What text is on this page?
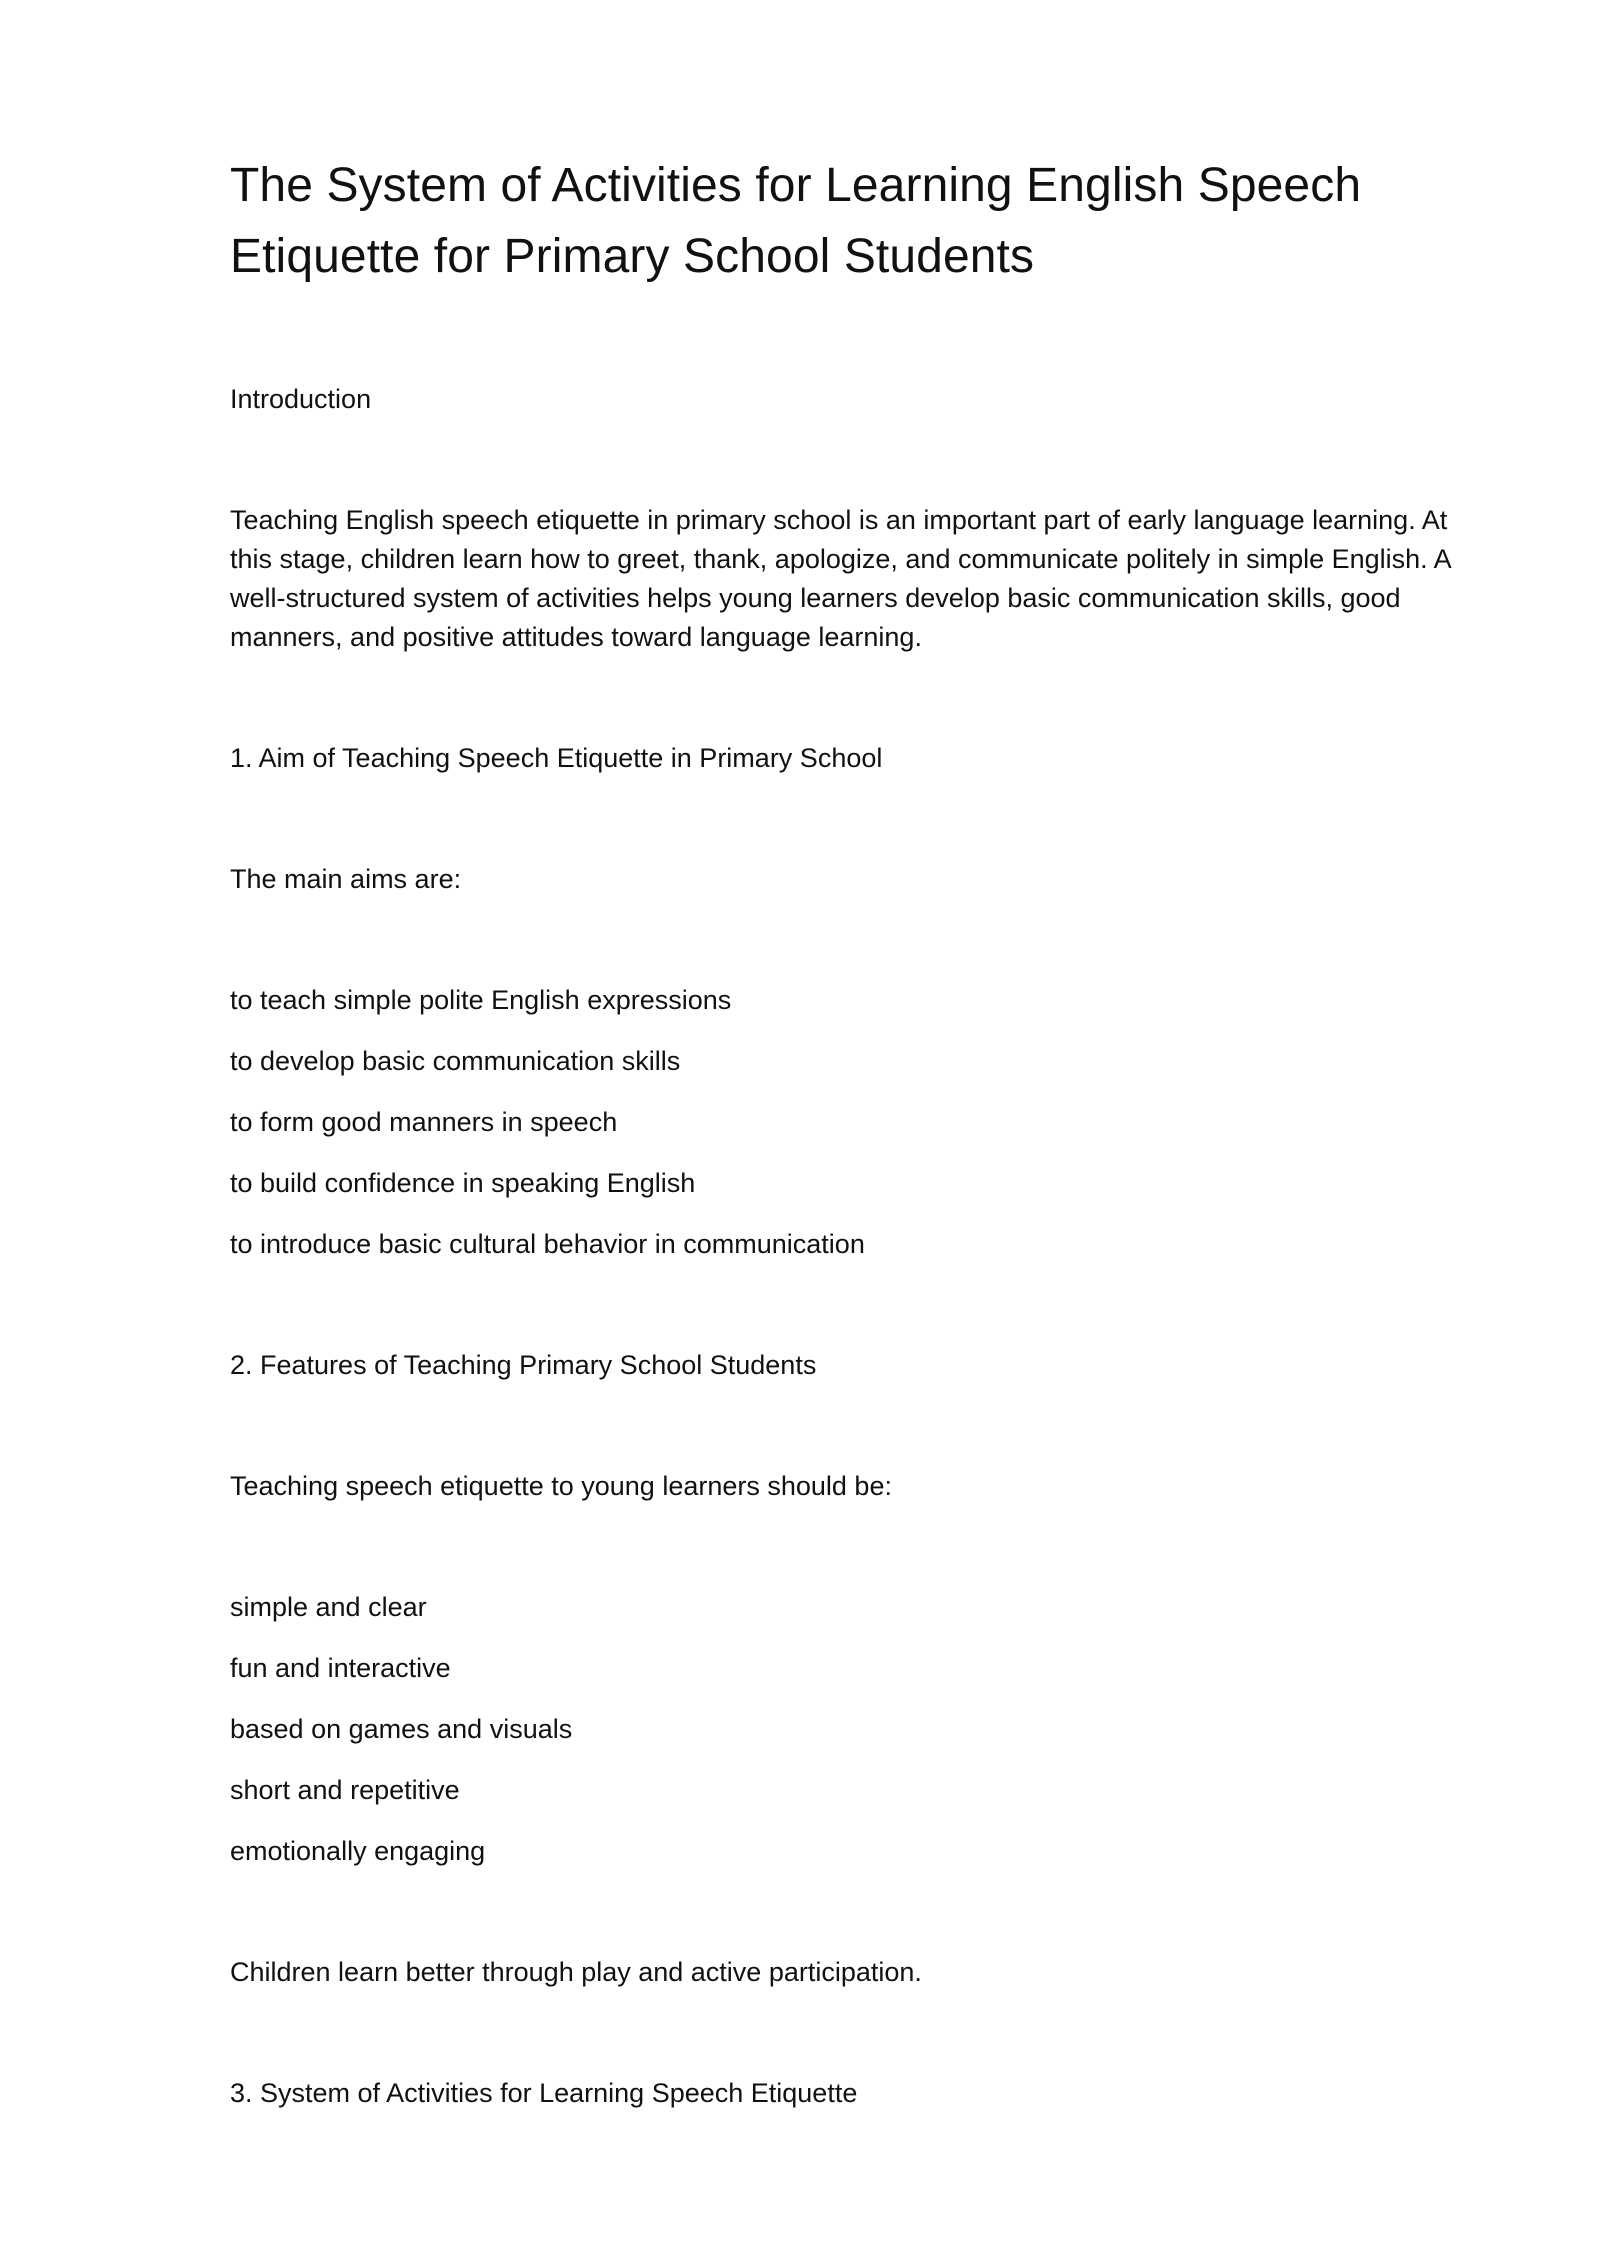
The System of Activities for Learning English Speech Etiquette for Primary School Students

Introduction

Teaching English speech etiquette in primary school is an important part of early language learning. At this stage, children learn how to greet, thank, apologize, and communicate politely in simple English. A well-structured system of activities helps young learners develop basic communication skills, good manners, and positive attitudes toward language learning.

1. Aim of Teaching Speech Etiquette in Primary School

The main aims are:

to teach simple polite English expressions
to develop basic communication skills
to form good manners in speech
to build confidence in speaking English
to introduce basic cultural behavior in communication

2. Features of Teaching Primary School Students

Teaching speech etiquette to young learners should be:

simple and clear
fun and interactive
based on games and visuals
short and repetitive
emotionally engaging

Children learn better through play and active participation.

3. System of Activities for Learning Speech Etiquette
